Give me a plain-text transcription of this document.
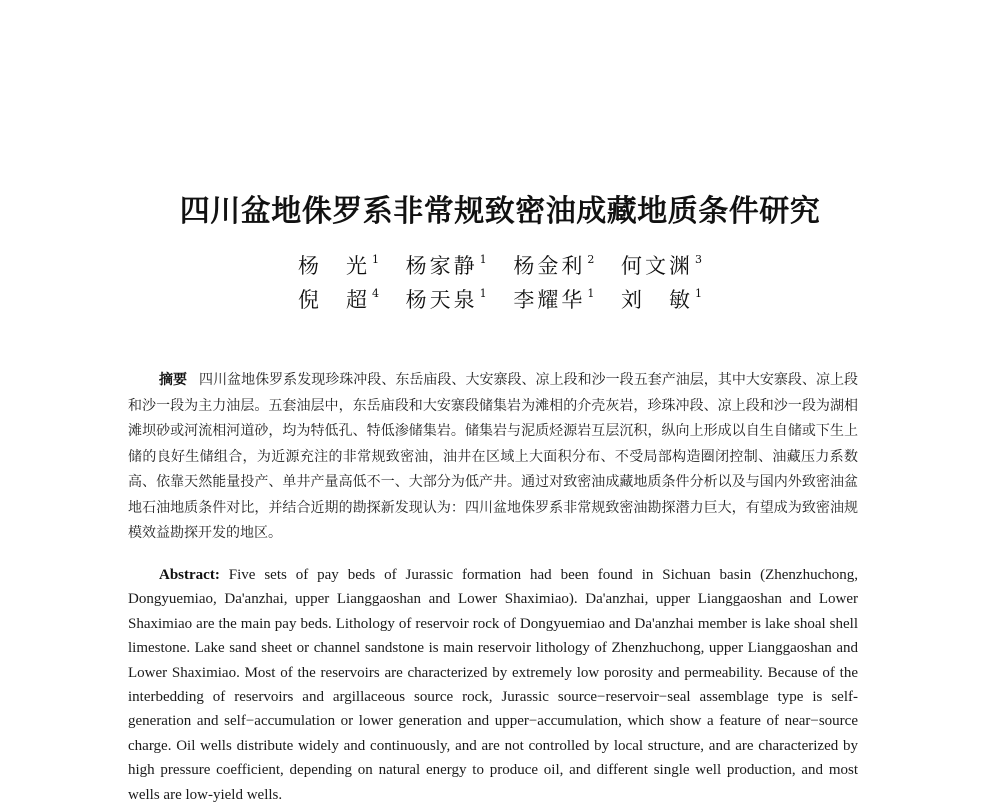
四川盆地侏罗系非常规致密油成藏地质条件研究
杨　光 $^1$ 杨家静 $^1$ 杨金利 $^2$ 何文渊 $^3$
倪　超 $^4$ 杨天泉 $^1$ 李耀华 $^1$ 刘　敏 $^1$

摘要 四川盆地侏罗系发现珍珠冲段、东岳庙段、大安寨段、凉上段和沙一段五套产油层，其中大安寨段、凉上段和沙一段为主力油层。五套油层中，东岳庙段和大安寨段储集岩为滩相的介壳灰岩，珍珠冲段、凉上段和沙一段为湖相滩坝砂或河流相河道砂，均为特低孔、特低渗储集岩。储集岩与泥质烃源岩互层沉积，纵向上形成以自生自储或下生上储的良好生储组合，为近源充注的非常规致密油，油井在区域上大面积分布、不受局部构造圈闭控制、油藏压力系数高、依靠天然能量投产、单井产量高低不一、大部分为低产井。通过对致密油成藏地质条件分析以及与国内外致密油盆地石油地质条件对比，并结合近期的勘探新发现认为：四川盆地侏罗系非常规致密油勘探潜力巨大，有望成为致密油规模效益勘探开发的地区。

Abstract: Five sets of pay beds of Jurassic formation had been found in Sichuan basin (Zhenzhuchong, Dongyuemiao, Da'anzhai, upper Lianggaoshan and Lower Shaximiao). Da'anzhai, upper Lianggaoshan and Lower Shaximiao are the main pay beds. Lithology of reservoir rock of Dongyuemiao and Da'anzhai member is lake shoal shell limestone. Lake sand sheet or channel sandstone is main reservoir lithology of Zhenzhuchong, upper Lianggaoshan and Lower Shaximiao. Most of the reservoirs are characterized by extremely low porosity and permeability. Because of the interbedding of reservoirs and argillaceous source rock, Jurassic source−reservoir−seal assemblage type is self-generation and self−accumulation or lower generation and upper−accumulation, which show a feature of near−source charge. Oil wells distribute widely and continuously, and are not controlled by local structure, and are characterized by high pressure coefficient, depending on natural energy to produce oil, and different single well production, and most wells are low-yield wells.
